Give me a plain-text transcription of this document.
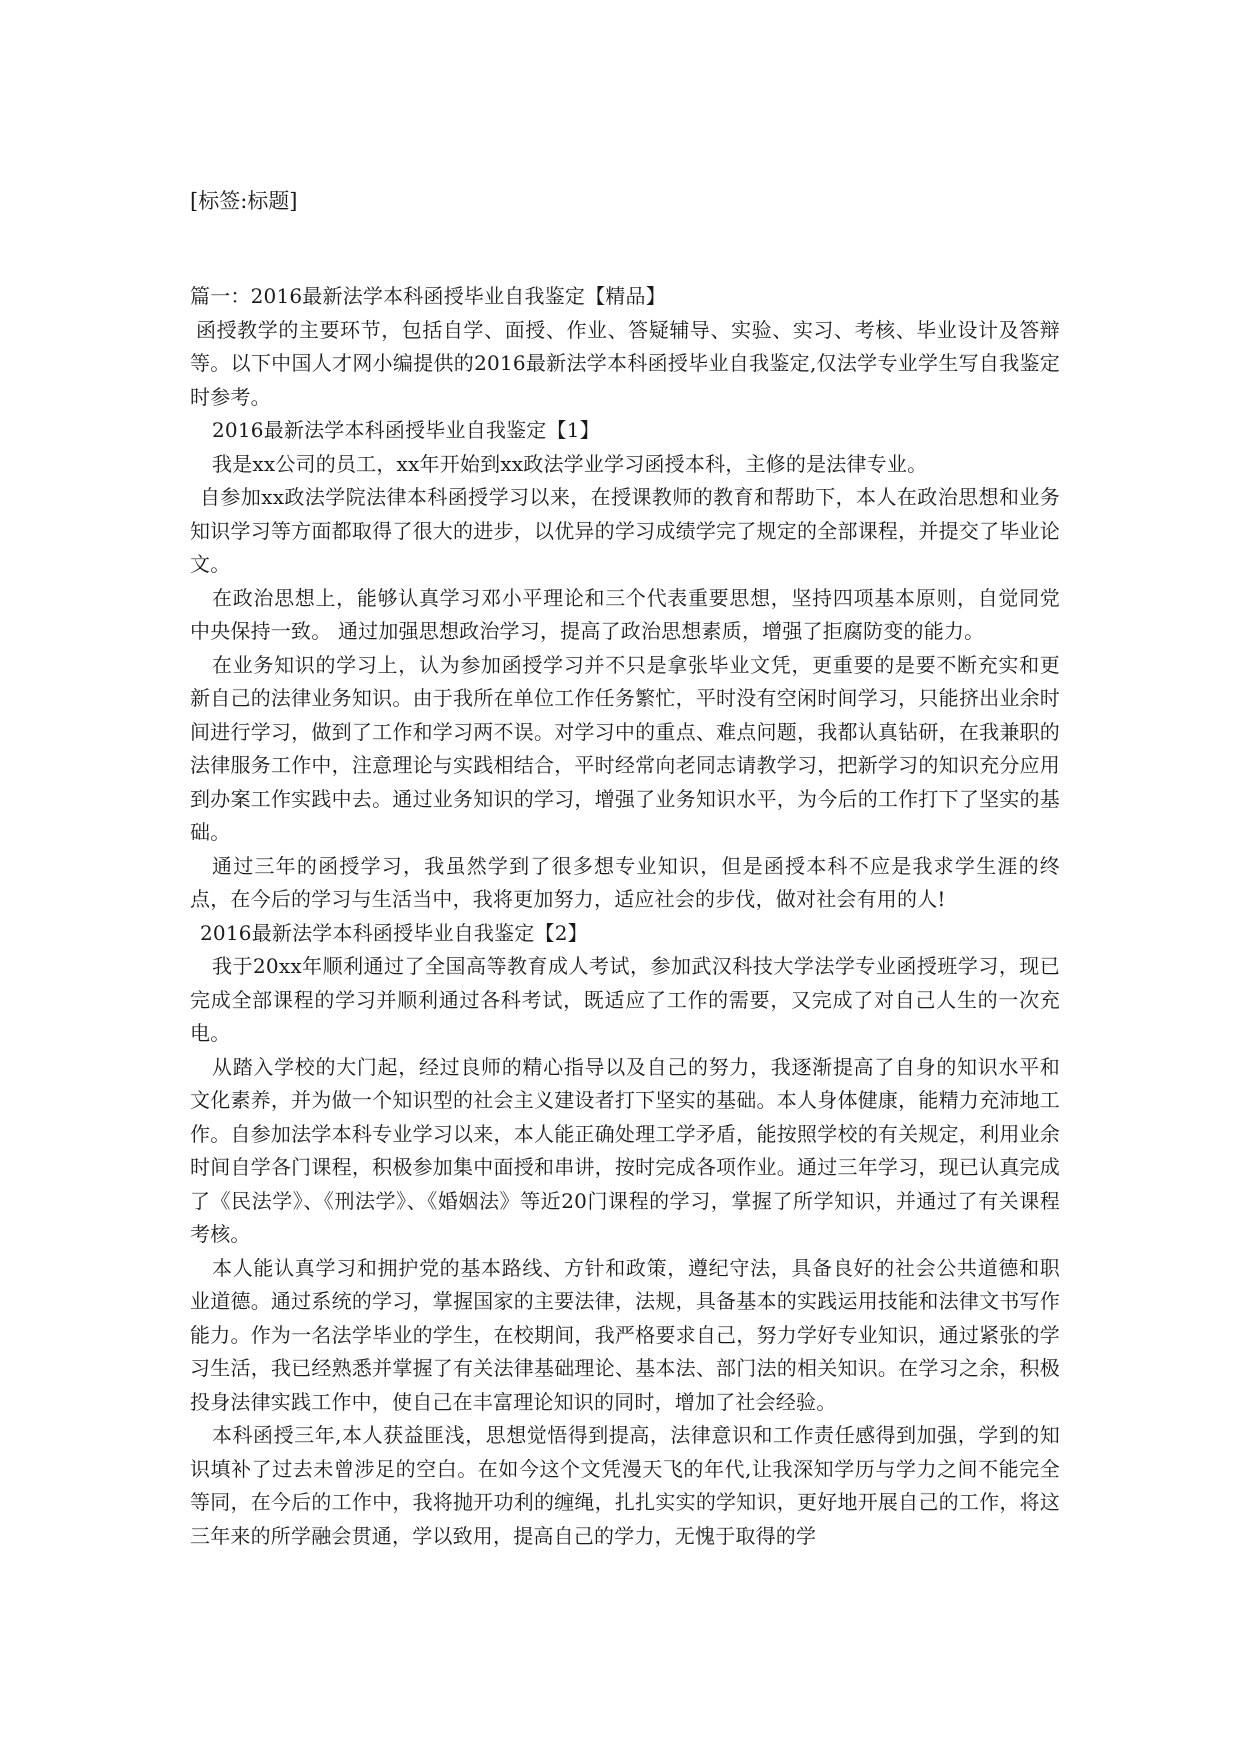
[标签:标题]

篇一：2016最新法学本科函授毕业自我鉴定【精品】

函授教学的主要环节，包括自学、面授、作业、答疑辅导、实验、实习、考核、毕业设计及答辩等。以下中国人才网小编提供的2016最新法学本科函授毕业自我鉴定,仅法学专业学生写自我鉴定时参考。

2016最新法学本科函授毕业自我鉴定【1】

我是xx公司的员工，xx年开始到xx政法学业学习函授本科，主修的是法律专业。

自参加xx政法学院法律本科函授学习以来，在授课教师的教育和帮助下，本人在政治思想和业务知识学习等方面都取得了很大的进步，以优异的学习成绩学完了规定的全部课程，并提交了毕业论文。

在政治思想上，能够认真学习邓小平理论和三个代表重要思想，坚持四项基本原则，自觉同党中央保持一致。 通过加强思想政治学习，提高了政治思想素质，增强了拒腐防变的能力。

在业务知识的学习上，认为参加函授学习并不只是拿张毕业文凭，更重要的是要不断充实和更新自己的法律业务知识。由于我所在单位工作任务繁忙，平时没有空闲时间学习，只能挤出业余时间进行学习，做到了工作和学习两不误。对学习中的重点、难点问题，我都认真钻研，在我兼职的法律服务工作中，注意理论与实践相结合，平时经常向老同志请教学习，把新学习的知识充分应用到办案工作实践中去。通过业务知识的学习，增强了业务知识水平，为今后的工作打下了坚实的基础。

通过三年的函授学习，我虽然学到了很多想专业知识，但是函授本科不应是我求学生涯的终点，在今后的学习与生活当中，我将更加努力，适应社会的步伐，做对社会有用的人!

2016最新法学本科函授毕业自我鉴定【2】

我于20xx年顺利通过了全国高等教育成人考试，参加武汉科技大学法学专业函授班学习，现已完成全部课程的学习并顺利通过各科考试，既适应了工作的需要，又完成了对自己人生的一次充电。

从踏入学校的大门起，经过良师的精心指导以及自己的努力，我逐渐提高了自身的知识水平和文化素养，并为做一个知识型的社会主义建设者打下坚实的基础。本人身体健康，能精力充沛地工作。自参加法学本科专业学习以来，本人能正确处理工学矛盾，能按照学校的有关规定，利用业余时间自学各门课程，积极参加集中面授和串讲，按时完成各项作业。通过三年学习，现已认真完成了《民法学》、《刑法学》、《婚姻法》等近20门课程的学习，掌握了所学知识，并通过了有关课程考核。

本人能认真学习和拥护党的基本路线、方针和政策，遵纪守法，具备良好的社会公共道德和职业道德。通过系统的学习，掌握国家的主要法律，法规，具备基本的实践运用技能和法律文书写作能力。作为一名法学毕业的学生，在校期间，我严格要求自己，努力学好专业知识，通过紧张的学习生活，我已经熟悉并掌握了有关法律基础理论、基本法、部门法的相关知识。在学习之余，积极投身法律实践工作中，使自己在丰富理论知识的同时，增加了社会经验。

本科函授三年,本人获益匪浅，思想觉悟得到提高，法律意识和工作责任感得到加强，学到的知识填补了过去未曾涉足的空白。在如今这个文凭漫天飞的年代,让我深知学历与学力之间不能完全等同，在今后的工作中，我将抛开功利的缠绳，扎扎实实的学知识，更好地开展自己的工作，将这三年来的所学融会贯通，学以致用，提高自己的学力，无愧于取得的学
